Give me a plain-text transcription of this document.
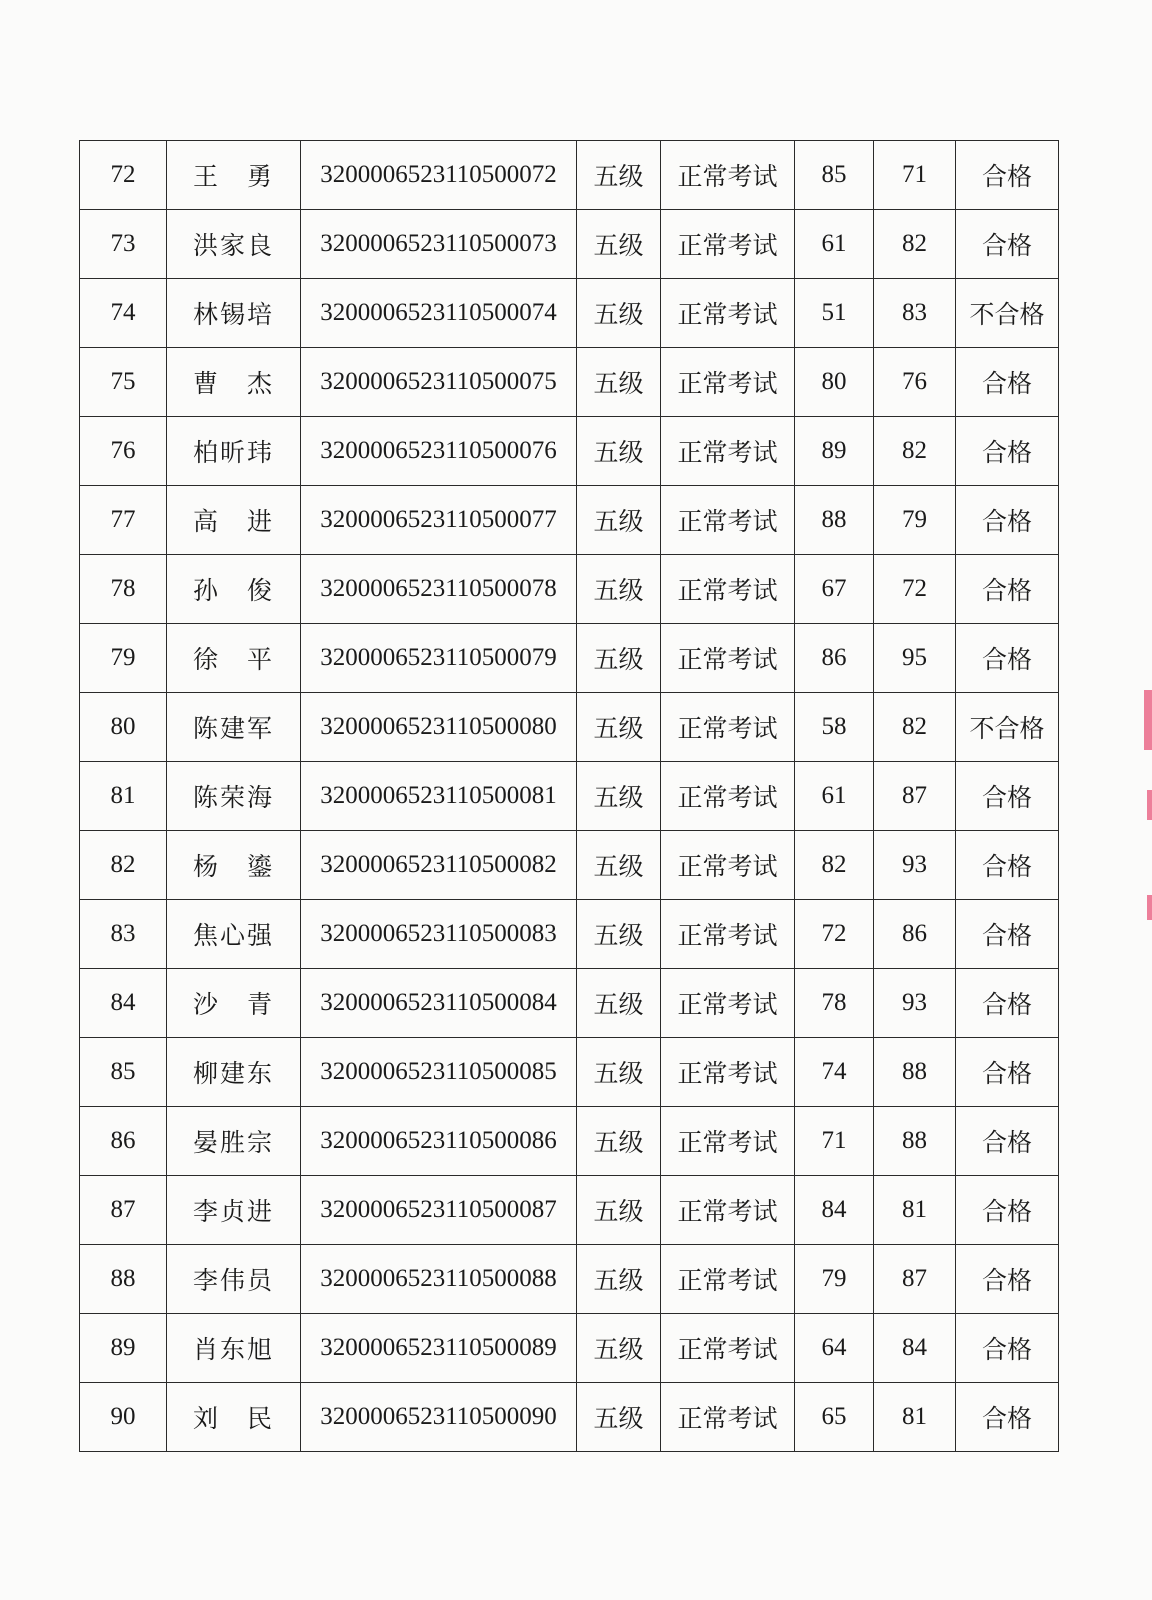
72	王　勇	3200006523110500072	五级	正常考试	85	71	合格
73	洪家良	3200006523110500073	五级	正常考试	61	82	合格
74	林锡培	3200006523110500074	五级	正常考试	51	83	不合格
75	曹　杰	3200006523110500075	五级	正常考试	80	76	合格
76	柏昕玮	3200006523110500076	五级	正常考试	89	82	合格
77	高　进	3200006523110500077	五级	正常考试	88	79	合格
78	孙　俊	3200006523110500078	五级	正常考试	67	72	合格
79	徐　平	3200006523110500079	五级	正常考试	86	95	合格
80	陈建军	3200006523110500080	五级	正常考试	58	82	不合格
81	陈荣海	3200006523110500081	五级	正常考试	61	87	合格
82	杨　鎏	3200006523110500082	五级	正常考试	82	93	合格
83	焦心强	3200006523110500083	五级	正常考试	72	86	合格
84	沙　青	3200006523110500084	五级	正常考试	78	93	合格
85	柳建东	3200006523110500085	五级	正常考试	74	88	合格
86	晏胜宗	3200006523110500086	五级	正常考试	71	88	合格
87	李贞进	3200006523110500087	五级	正常考试	84	81	合格
88	李伟员	3200006523110500088	五级	正常考试	79	87	合格
89	肖东旭	3200006523110500089	五级	正常考试	64	84	合格
90	刘　民	3200006523110500090	五级	正常考试	65	81	合格
